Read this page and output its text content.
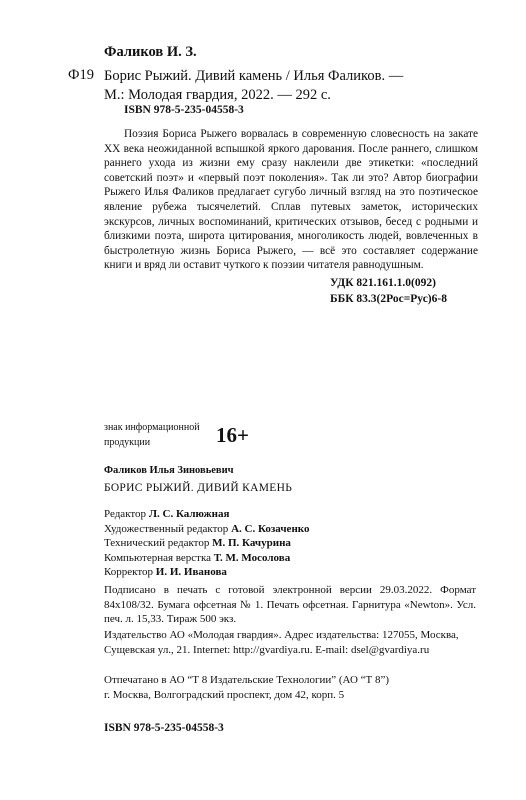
Фаликов И. З.
Ф19 Борис Рыжий. Дивий камень / Илья Фаликов. —
М.: Молодая гвардия, 2022. — 292 с.
ISBN 978-5-235-04558-3

Поэзия Бориса Рыжего ворвалась в современную словесность на закате XX века неожиданной вспышкой яркого дарования. После раннего, слишком раннего ухода из жизни ему сразу наклеили две этикетки: «последний советский поэт» и «первый поэт поколения». Так ли это? Автор биографии Рыжего Илья Фаликов предлагает сугубо личный взгляд на это поэтическое явление рубежа тысячелетий. Сплав путевых заметок, исторических экскурсов, личных воспоминаний, критических отзывов, бесед с родными и близкими поэта, широта цитирования, многоликость людей, вовлеченных в быстролетную жизнь Бориса Рыжего, — всё это составляет содержание книги и вряд ли оставит чуткого к поэзии читателя равнодушным.

УДК 821.161.1.0(092)
ББК 83.3(2Рос=Рус)6-8
знак информационной
продукции	16+
Фаликов Илья Зиновьевич
БОРИС РЫЖИЙ. ДИВИЙ КАМЕНЬ
Редактор Л. С. Калюжная
Художественный редактор А. С. Козаченко
Технический редактор М. П. Качурина
Компьютерная верстка Т. М. Мосолова
Корректор И. И. Иванова
Подписано в печать с готовой электронной версии 29.03.2022. Формат 84x108/32. Бумага офсетная № 1. Печать офсетная. Гарнитура «Newton». Усл. печ. л. 15,33. Тираж 500 экз.
Издательство АО «Молодая гвардия». Адрес издательства: 127055, Москва,
Сущевская ул., 21. Internet: http://gvardiya.ru. E-mail: dsel@gvardiya.ru
Отпечатано в АО “Т 8 Издательские Технологии” (АО “Т 8”)
г. Москва, Волгоградский проспект, дом 42, корп. 5
ISBN 978-5-235-04558-3
